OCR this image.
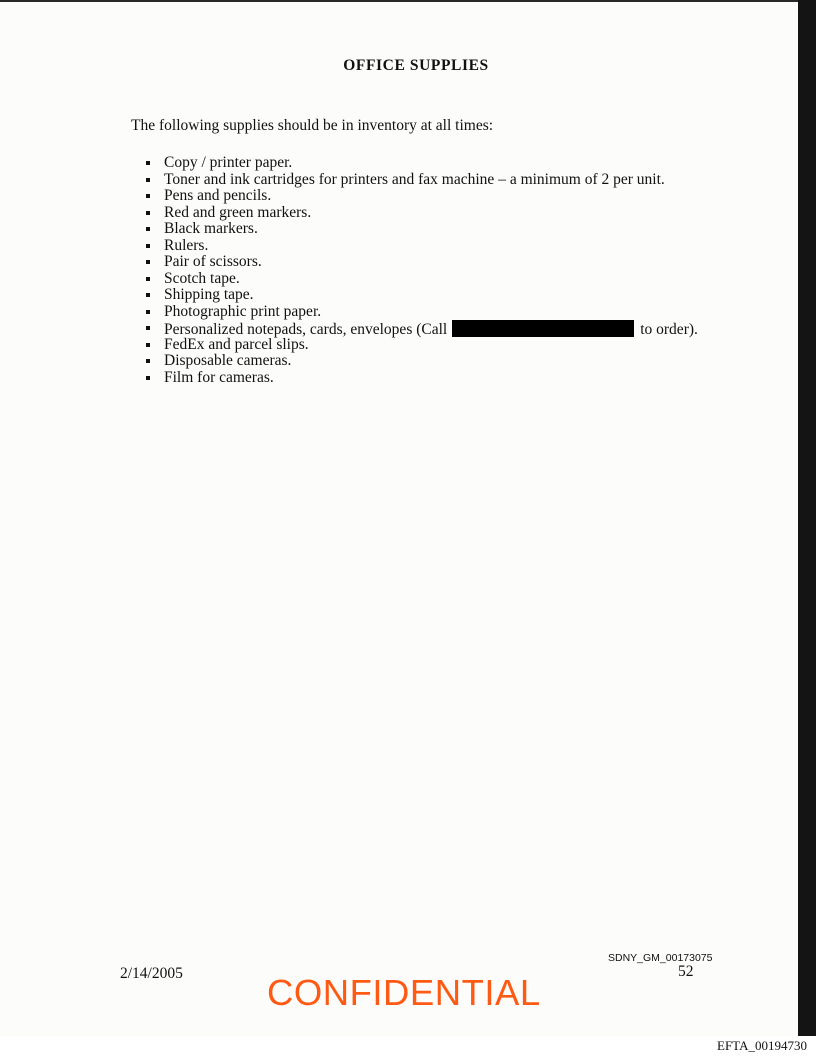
OFFICE SUPPLIES
The following supplies should be in inventory at all times:
Copy / printer paper.
Toner and ink cartridges for printers and fax machine – a minimum of 2 per unit.
Pens and pencils.
Red and green markers.
Black markers.
Rulers.
Pair of scissors.
Scotch tape.
Shipping tape.
Photographic print paper.
Personalized notepads, cards, envelopes (Call	to order).
FedEx and parcel slips.
Disposable cameras.
Film for cameras.
2/14/2005 CONFIDENTIAL
SDNY_GM_00173075
52
EFTA_00194730
